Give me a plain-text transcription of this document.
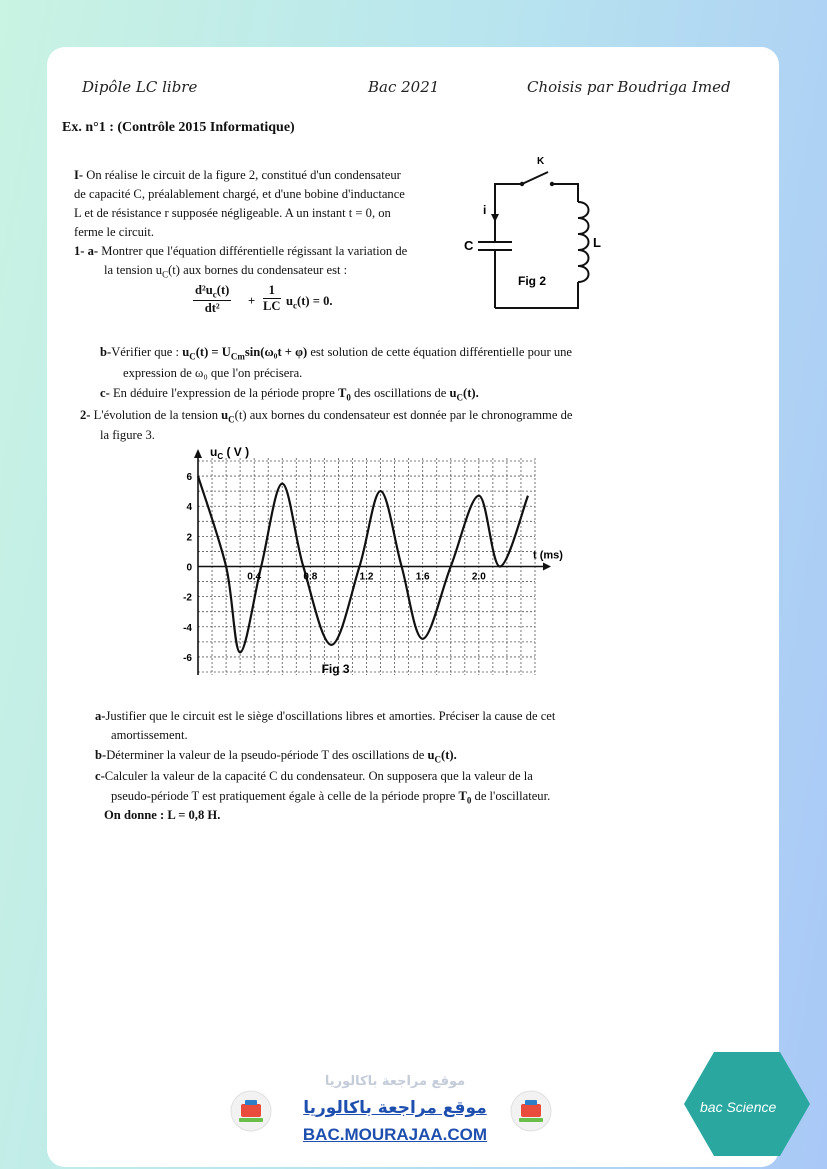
Dipôle LC libre	Bac 2021	Choisis par Boudriga Imed
Ex. n°1 : (Contrôle 2015 Informatique)
I- On réalise le circuit de la figure 2, constitué d'un condensateur
de capacité C, préalablement chargé, et d'une bobine d'inductance
L et de résistance r supposée négligeable. A un instant t = 0, on
ferme le circuit.
1- a- Montrer que l'équation différentielle régissant la variation de
la tension $u_C(t)$ aux bornes du condensateur est :
$\frac{d^2u_c(t)}{\text{dt²}} + \frac{1}{LC} u_c(t) = 0$.
b-Vérifier que : $u_C(t) = U_{Cm}\sin(\omega_0t + \varphi)$ est solution de cette équation différentielle pour une
expression de ω₀ que l'on précisera.
c- En déduire l'expression de la période propre $T_0$ des oscillations de $u_C(t)$.
2- L'évolution de la tension $u_C(t)$ aux bornes du condensateur est donnée par le chronogramme de
la figure 3.
K
i
C	L
Fig 2
6
4
2
0
-2
-4
-6
0.4	0.8	1.2	1.6	2.0
$u_C$ ( V )
t (ms)
Fig 3
a-Justifier que le circuit est le siège d'oscillations libres et amorties. Préciser la cause de cet
amortissement.
b-Déterminer la valeur de la pseudo-période T des oscillations de $u_C(t)$.
c-Calculer la valeur de la capacité C du condensateur. On supposera que la valeur de la
pseudo-période T est pratiquement égale à celle de la période propre $T_0$ de l'oscillateur.
On donne : L = 0,8 H.
موقع مراجعة باكالوريا
موقع مراجعة باكالوريا
BAC.MOURAJAA.COM
b
bac Science
